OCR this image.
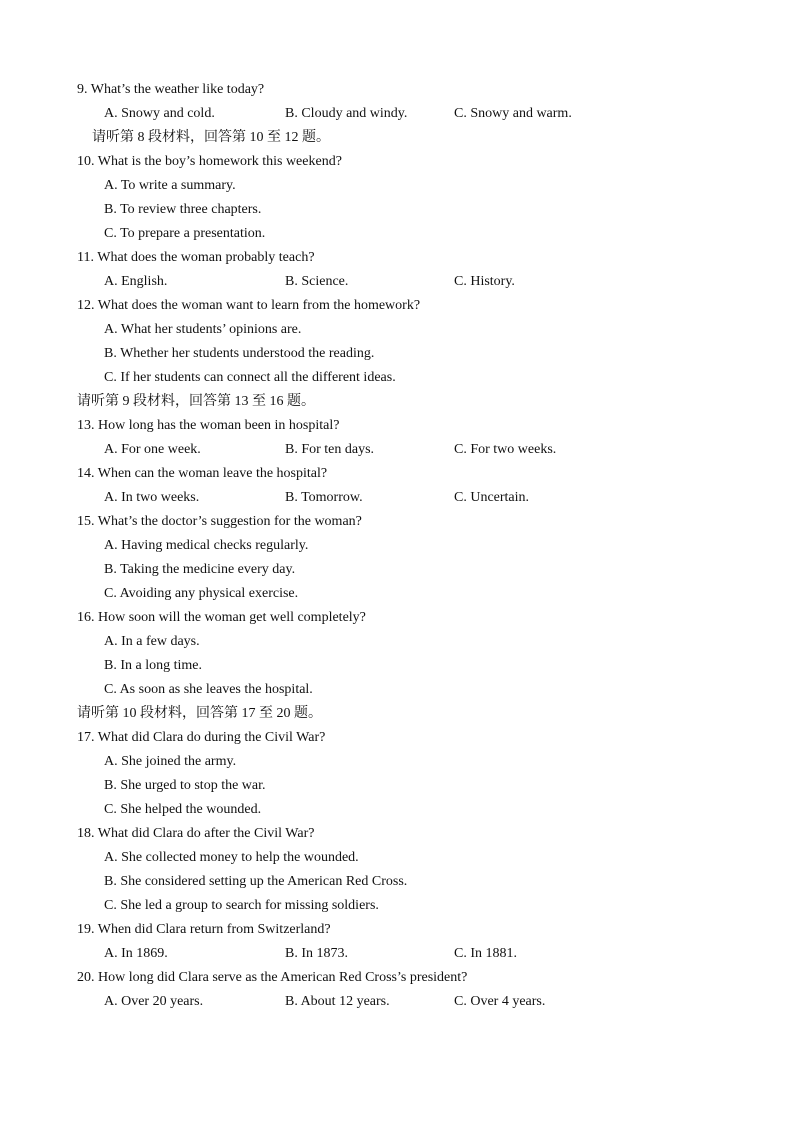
9. What’s the weather like today?
A. Snowy and cold.	B. Cloudy and windy.	C. Snowy and warm.
请听第 8 段材料，回答第 10 至 12 题。
10. What is the boy’s homework this weekend?
A. To write a summary.
B. To review three chapters.
C. To prepare a presentation.
11. What does the woman probably teach?
A. English.	B. Science.	C. History.
12. What does the woman want to learn from the homework?
A. What her students’ opinions are.
B. Whether her students understood the reading.
C. If her students can connect all the different ideas.
请听第 9 段材料，回答第 13 至 16 题。
13. How long has the woman been in hospital?
A. For one week.	B. For ten days.	C. For two weeks.
14. When can the woman leave the hospital?
A. In two weeks.	B. Tomorrow.	C. Uncertain.
15. What’s the doctor’s suggestion for the woman?
A. Having medical checks regularly.
B. Taking the medicine every day.
C. Avoiding any physical exercise.
16. How soon will the woman get well completely?
A. In a few days.
B. In a long time.
C. As soon as she leaves the hospital.
请听第 10 段材料，回答第 17 至 20 题。
17. What did Clara do during the Civil War?
A. She joined the army.
B. She urged to stop the war.
C. She helped the wounded.
18. What did Clara do after the Civil War?
A. She collected money to help the wounded.
B. She considered setting up the American Red Cross.
C. She led a group to search for missing soldiers.
19. When did Clara return from Switzerland?
A. In 1869.	B. In 1873.	C. In 1881.
20. How long did Clara serve as the American Red Cross’s president?
A. Over 20 years.	B. About 12 years.	C. Over 4 years.
